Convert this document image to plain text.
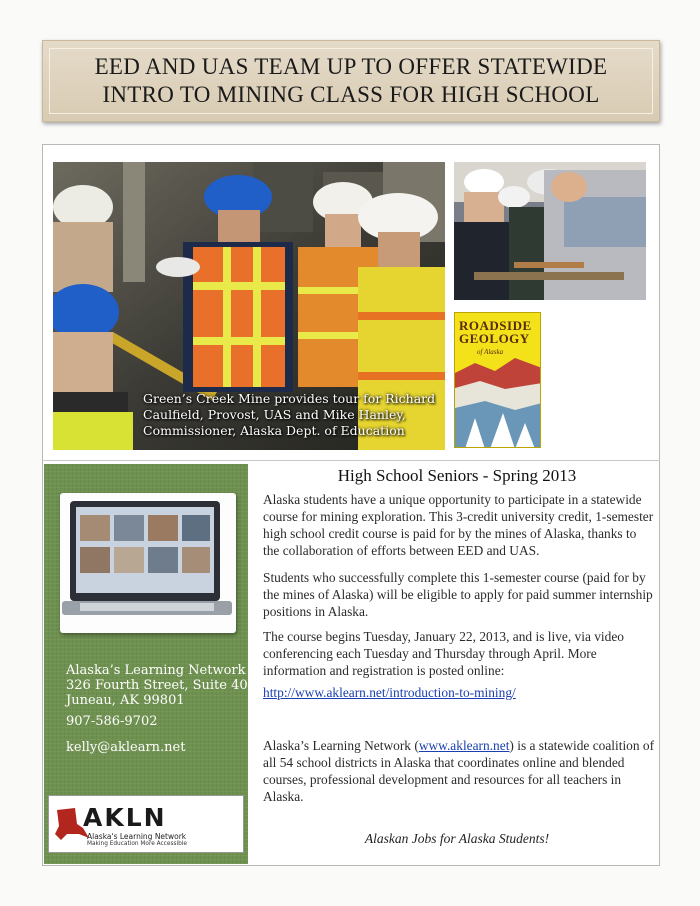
EED AND UAS TEAM UP TO OFFER STATEWIDE
INTRO TO MINING CLASS FOR HIGH SCHOOL
Green’s Creek Mine provides tour for Richard
Caulfield, Provost, UAS and Mike Hanley,
Commissioner, Alaska Dept. of Education
ROADSIDE
GEOLOGY
of Alaska
Alaska’s Learning Network
326 Fourth Street, Suite 404
Juneau, AK 99801
907-586-9702
kelly@aklearn.net
AKLN
Alaska's Learning Network
Making Education More Accessible
High School Seniors - Spring 2013
Alaska students have a unique opportunity to participate in a statewide course for mining exploration. This 3-credit university credit, 1-semester high school credit course is paid for by the mines of Alaska, thanks to the collaboration of efforts between EED and UAS.
Students who successfully complete this 1-semester course (paid for by the mines of Alaska) will be eligible to apply for paid summer internship positions in Alaska.
The course begins Tuesday, January 22, 2013, and is live, via video conferencing each Tuesday and Thursday through April. More information and registration is posted online:
http://www.aklearn.net/introduction-to-mining/
Alaska’s Learning Network (www.aklearn.net) is a statewide coalition of all 54 school districts in Alaska that coordinates online and blended courses, professional development and resources for all teachers in Alaska.
Alaskan Jobs for Alaska Students!
